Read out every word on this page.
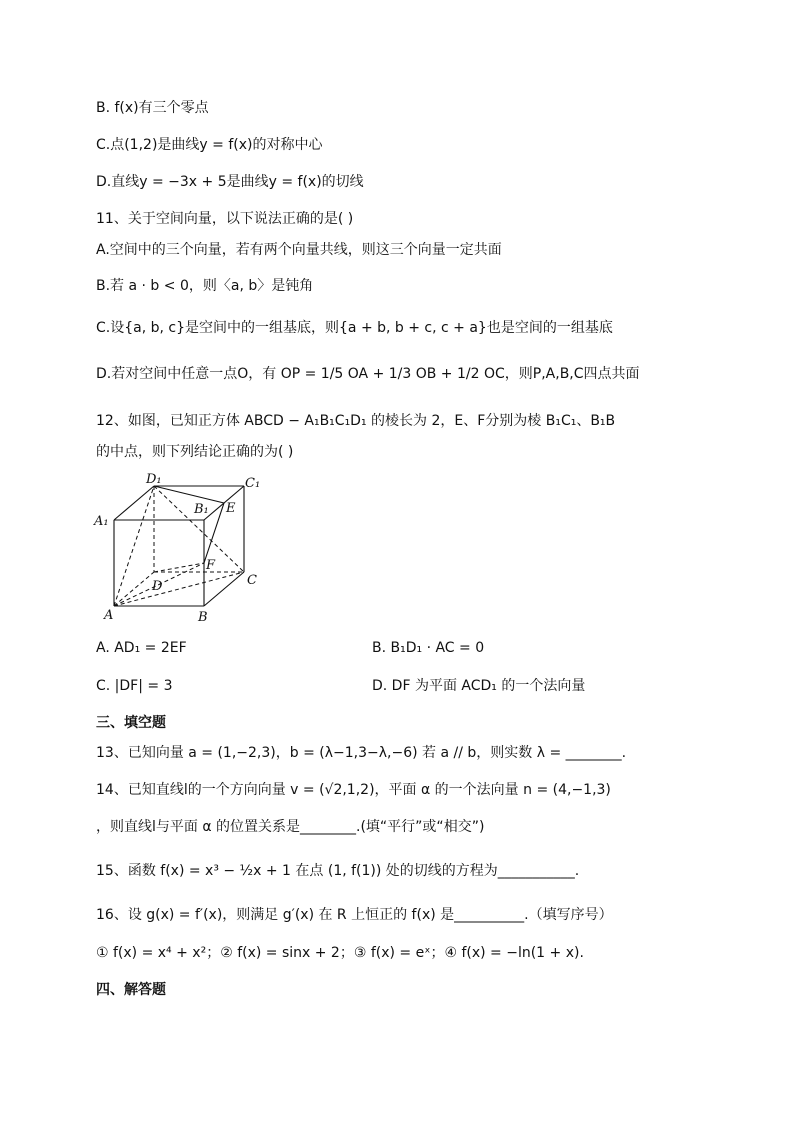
B. f(x)有三个零点
C.点(1,2)是曲线y = f(x)的对称中心
D.直线y = −3x + 5是曲线y = f(x)的切线
11、关于空间向量，以下说法正确的是( )
A.空间中的三个向量，若有两个向量共线，则这三个向量一定共面
B.若 a · b < 0，则〈a, b〉是钝角
C.设{a, b, c}是空间中的一组基底，则{a + b, b + c, c + a}也是空间的一组基底
D.若对空间中任意一点O，有 OP = 1/5 OA + 1/3 OB + 1/2 OC，则P,A,B,C四点共面
12、如图，已知正方体 ABCD − A₁B₁C₁D₁ 的棱长为 2，E、F分别为棱 B₁C₁、B₁B
的中点，则下列结论正确的为( )
D₁	C₁
A₁
B₁ E
F
D	C
A	B
A. AD₁ = 2EF	B. B₁D₁ · AC = 0
C. |DF| = 3	D. DF 为平面 ACD₁ 的一个法向量
三、填空题
13、已知向量 a = (1,−2,3)，b = (λ−1,3−λ,−6) 若 a // b，则实数 λ = ________.
14、已知直线l的一个方向向量 v = (√2,1,2)，平面 α 的一个法向量 n = (4,−1,3)
，则直线l与平面 α 的位置关系是________.(填“平行”或“相交”)
15、函数 f(x) = x³ − ½x + 1 在点 (1, f(1)) 处的切线的方程为___________.
16、设 g(x) = f′(x)，则满足 g′(x) 在 R 上恒正的 f(x) 是__________.（填写序号）
① f(x) = x⁴ + x²；② f(x) = sinx + 2；③ f(x) = eˣ；④ f(x) = −ln(1 + x).
四、解答题
